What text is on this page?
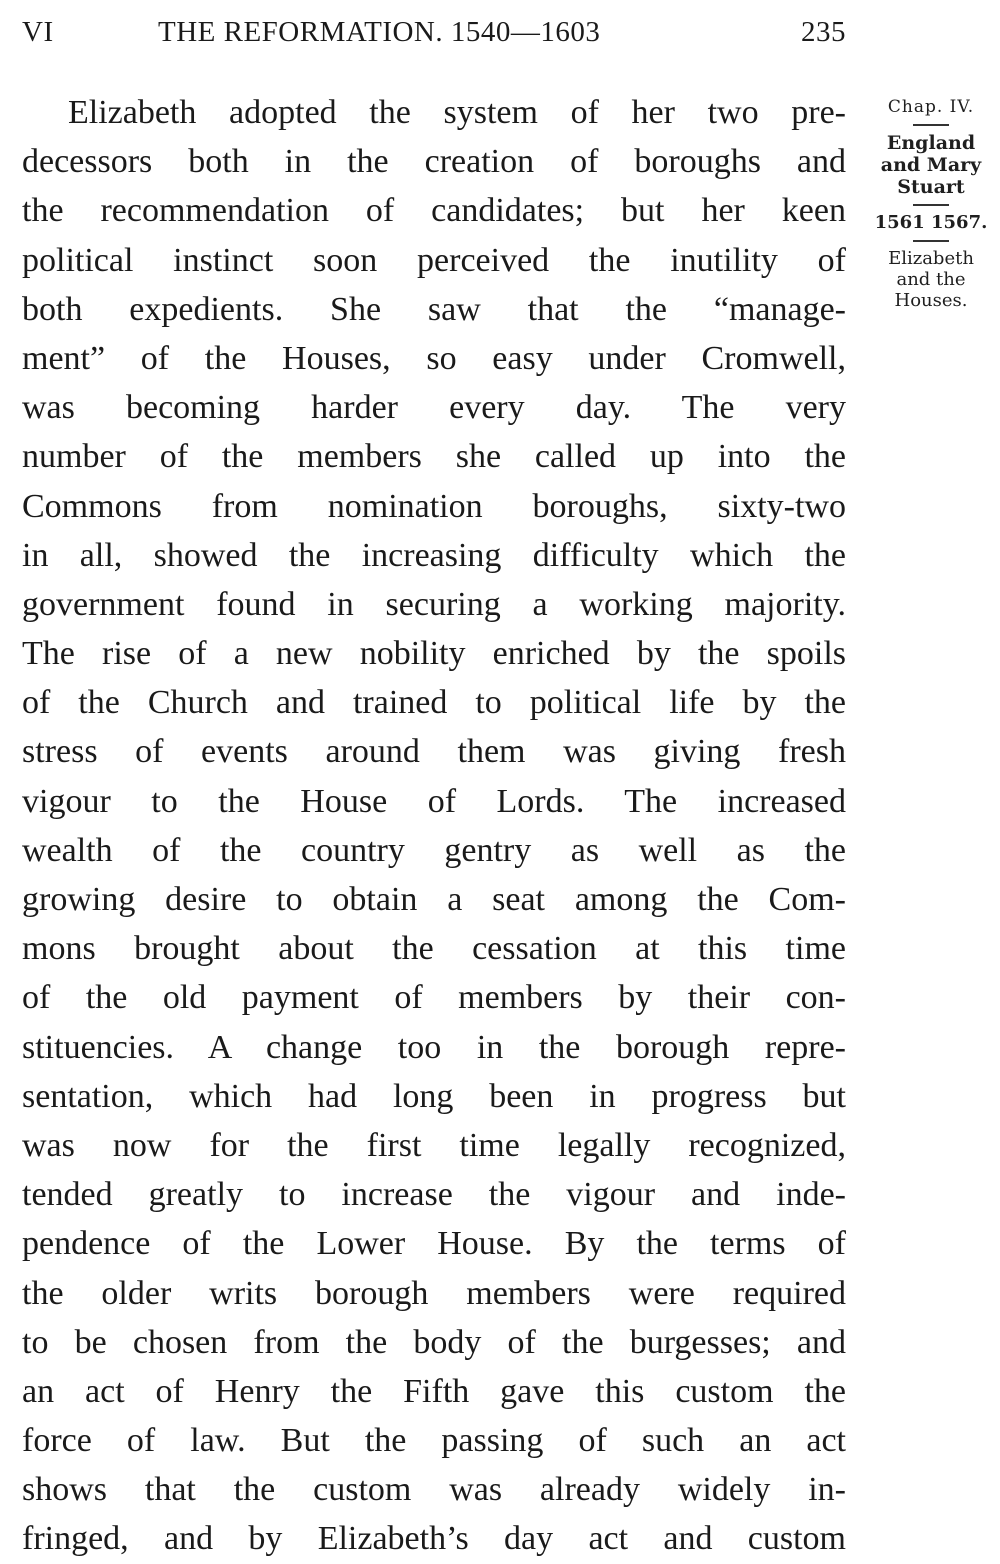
VI	THE REFORMATION. 1540—1603	235
Elizabeth adopted the system of her two pre-
decessors both in the creation of boroughs and
the recommendation of candidates; but her keen
political instinct soon perceived the inutility of
both expedients. She saw that the “manage-
ment” of the Houses, so easy under Cromwell,
was becoming harder every day. The very
number of the members she called up into the
Commons from nomination boroughs, sixty-two
in all, showed the increasing difficulty which the
government found in securing a working majority.
The rise of a new nobility enriched by the spoils
of the Church and trained to political life by the
stress of events around them was giving fresh
vigour to the House of Lords. The increased
wealth of the country gentry as well as the
growing desire to obtain a seat among the Com-
mons brought about the cessation at this time
of the old payment of members by their con-
stituencies. A change too in the borough repre-
sentation, which had long been in progress but
was now for the first time legally recognized,
tended greatly to increase the vigour and inde-
pendence of the Lower House. By the terms of
the older writs borough members were required
to be chosen from the body of the burgesses; and
an act of Henry the Fifth gave this custom the
force of law. But the passing of such an act
shows that the custom was already widely in-
fringed, and by Elizabeth’s day act and custom
Chap. IV.
England
and Mary
Stuart
1561 1567.
Elizabeth
and the
Houses.
